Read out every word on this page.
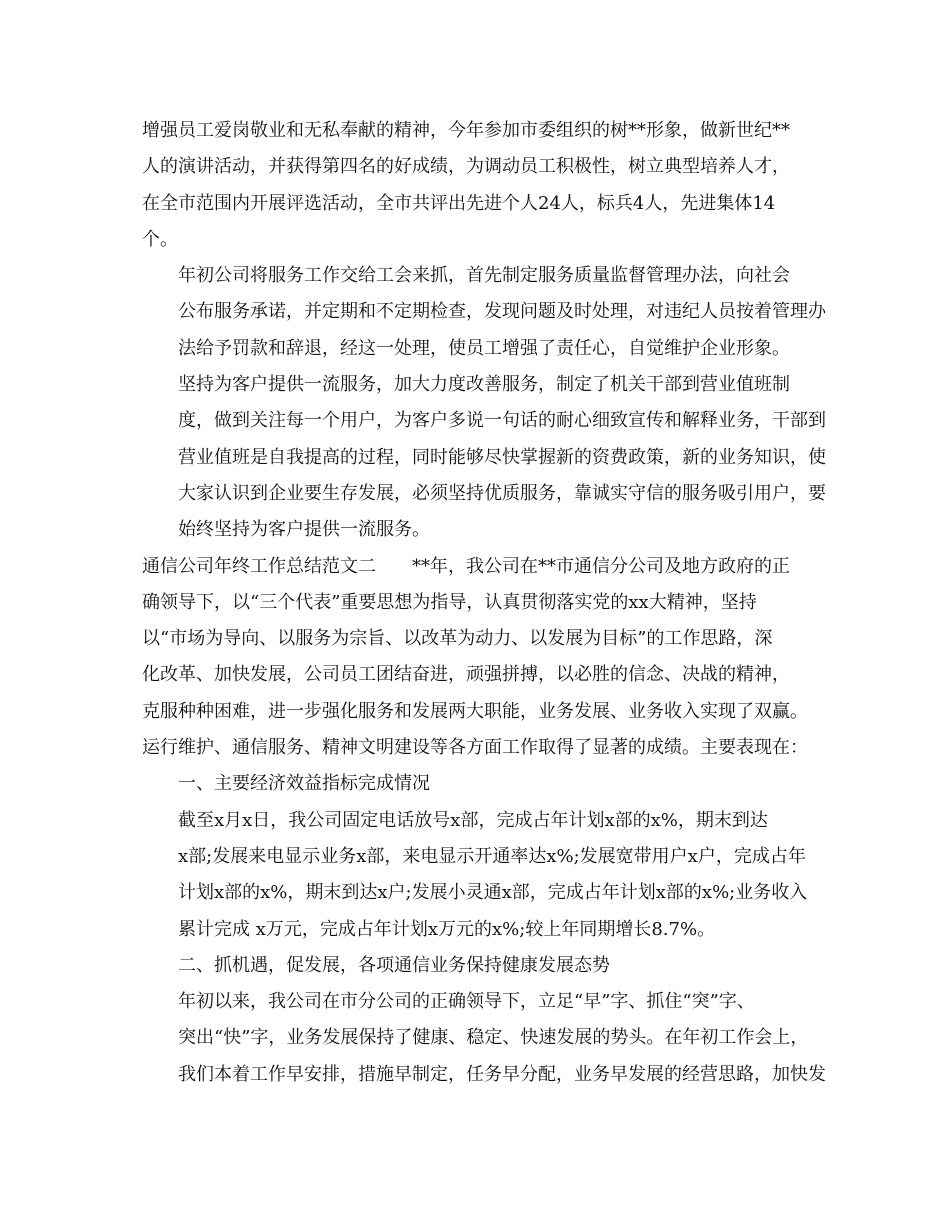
增强员工爱岗敬业和无私奉献的精神，今年参加市委组织的树**形象，做新世纪**
人的演讲活动，并获得第四名的好成绩，为调动员工积极性，树立典型培养人才，
在全市范围内开展评选活动，全市共评出先进个人24人，标兵4人，先进集体14
个。
年初公司将服务工作交给工会来抓，首先制定服务质量监督管理办法，向社会
公布服务承诺，并定期和不定期检查，发现问题及时处理，对违纪人员按着管理办
法给予罚款和辞退，经这一处理，使员工增强了责任心，自觉维护企业形象。
坚持为客户提供一流服务，加大力度改善服务，制定了机关干部到营业值班制
度，做到关注每一个用户，为客户多说一句话的耐心细致宣传和解释业务，干部到
营业值班是自我提高的过程，同时能够尽快掌握新的资费政策，新的业务知识，使
大家认识到企业要生存发展，必须坚持优质服务，靠诚实守信的服务吸引用户，要
始终坚持为客户提供一流服务。
通信公司年终工作总结范文二　　**年，我公司在**市通信分公司及地方政府的正
确领导下，以“三个代表”重要思想为指导，认真贯彻落实党的xx大精神，坚持
以“市场为导向、以服务为宗旨、以改革为动力、以发展为目标”的工作思路，深
化改革、加快发展，公司员工团结奋进，顽强拼搏，以必胜的信念、决战的精神，
克服种种困难，进一步强化服务和发展两大职能，业务发展、业务收入实现了双赢。
运行维护、通信服务、精神文明建设等各方面工作取得了显著的成绩。主要表现在：
一、主要经济效益指标完成情况
截至x月x日，我公司固定电话放号x部，完成占年计划x部的x%，期末到达
x部;发展来电显示业务x部，来电显示开通率达x%;发展宽带用户x户，完成占年
计划x部的x%，期末到达x户;发展小灵通x部，完成占年计划x部的x%;业务收入
累计完成 x万元，完成占年计划x万元的x%;较上年同期增长8.7%。
二、抓机遇，促发展，各项通信业务保持健康发展态势
年初以来，我公司在市分公司的正确领导下，立足“早”字、抓住“突”字、
突出“快”字，业务发展保持了健康、稳定、快速发展的势头。在年初工作会上，
我们本着工作早安排，措施早制定，任务早分配，业务早发展的经营思路，加快发
